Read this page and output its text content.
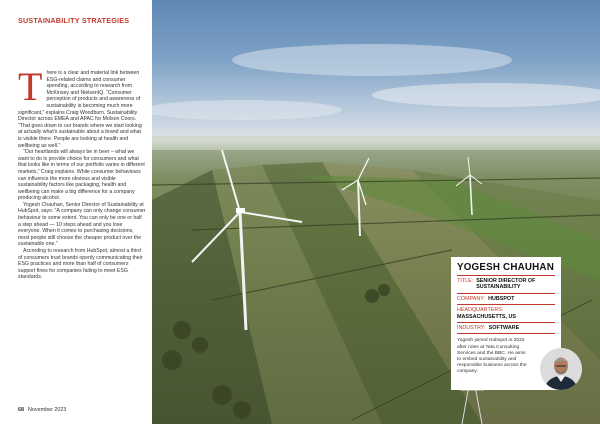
SUSTAINABILITY STRATEGIES

There is a clear and material link between ESG-related claims and consumer spending, according to research from McKinsey and NielsenIQ. “Consumer perception of products and awareness of sustainability is becoming much more significant,” explains Craig Woodburn, Sustainability Director across EMEA and APAC for Molson Coors. “That goes down to our brands where we start looking at actually what's sustainable about a brand and what is visible there. People are looking at health and wellbeing as well.”

“Our heartlands will always be in beer – what we want to do is provide choice for consumers and what that looks like in terms of our portfolio varies in different markets,” Craig explains. While consumer behaviours can influence the more obvious and visible sustainability factors like packaging, health and wellbeing can make a big difference for a company producing alcohol.

Yogesh Chauhan, Senior Director of Sustainability at HubSpot, says: “A company can only change consumer behaviour to some extent. You can only be one or half a step ahead — 10 steps ahead and you lose everyone. When it comes to purchasing decisions, most people still choose the cheaper product over the sustainable one.”

According to research from HubSpot, almost a third of consumers trust brands openly communicating their ESG practices and more than half of consumers support fines for companies failing to meet ESG standards.

68 November 2023
YOGESH CHAUHAN
TITLE: SENIOR DIRECTOR OF SUSTAINABILITY
COMPANY: HUBSPOT
HEADQUARTERS:
MASSACHUSETTS, US
INDUSTRY: SOFTWARE
Yogesh joined Hubspot in 2022 after roles at Tata Consulting Services and the BBC. He aims to embed sustainability and responsible business across the company.
